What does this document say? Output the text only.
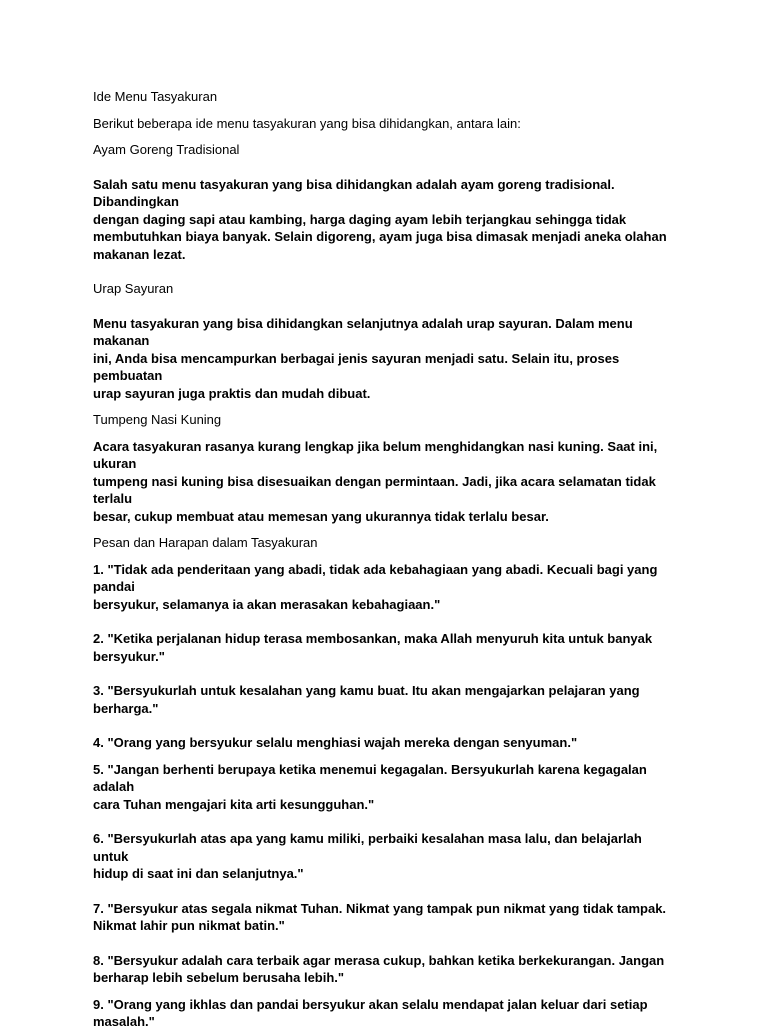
Ide Menu Tasyakuran

Berikut beberapa ide menu tasyakuran yang bisa dihidangkan, antara lain:

Ayam Goreng Tradisional

Salah satu menu tasyakuran yang bisa dihidangkan adalah ayam goreng tradisional. Dibandingkan
dengan daging sapi atau kambing, harga daging ayam lebih terjangkau sehingga tidak
membutuhkan biaya banyak. Selain digoreng, ayam juga bisa dimasak menjadi aneka olahan
makanan lezat.

Urap Sayuran

Menu tasyakuran yang bisa dihidangkan selanjutnya adalah urap sayuran. Dalam menu makanan
ini, Anda bisa mencampurkan berbagai jenis sayuran menjadi satu. Selain itu, proses pembuatan
urap sayuran juga praktis dan mudah dibuat.

Tumpeng Nasi Kuning

Acara tasyakuran rasanya kurang lengkap jika belum menghidangkan nasi kuning. Saat ini, ukuran
tumpeng nasi kuning bisa disesuaikan dengan permintaan. Jadi, jika acara selamatan tidak terlalu
besar, cukup membuat atau memesan yang ukurannya tidak terlalu besar.

Pesan dan Harapan dalam Tasyakuran

1. "Tidak ada penderitaan yang abadi, tidak ada kebahagiaan yang abadi. Kecuali bagi yang pandai
bersyukur, selamanya ia akan merasakan kebahagiaan."

2. "Ketika perjalanan hidup terasa membosankan, maka Allah menyuruh kita untuk banyak
bersyukur."

3. "Bersyukurlah untuk kesalahan yang kamu buat. Itu akan mengajarkan pelajaran yang
berharga."

4. "Orang yang bersyukur selalu menghiasi wajah mereka dengan senyuman."

5. "Jangan berhenti berupaya ketika menemui kegagalan. Bersyukurlah karena kegagalan adalah
cara Tuhan mengajari kita arti kesungguhan."

6. "Bersyukurlah atas apa yang kamu miliki, perbaiki kesalahan masa lalu, dan belajarlah untuk
hidup di saat ini dan selanjutnya."

7. "Bersyukur atas segala nikmat Tuhan. Nikmat yang tampak pun nikmat yang tidak tampak.
Nikmat lahir pun nikmat batin."

8. "Bersyukur adalah cara terbaik agar merasa cukup, bahkan ketika berkekurangan. Jangan
berharap lebih sebelum berusaha lebih."

9. "Orang yang ikhlas dan pandai bersyukur akan selalu mendapat jalan keluar dari setiap
masalah."
